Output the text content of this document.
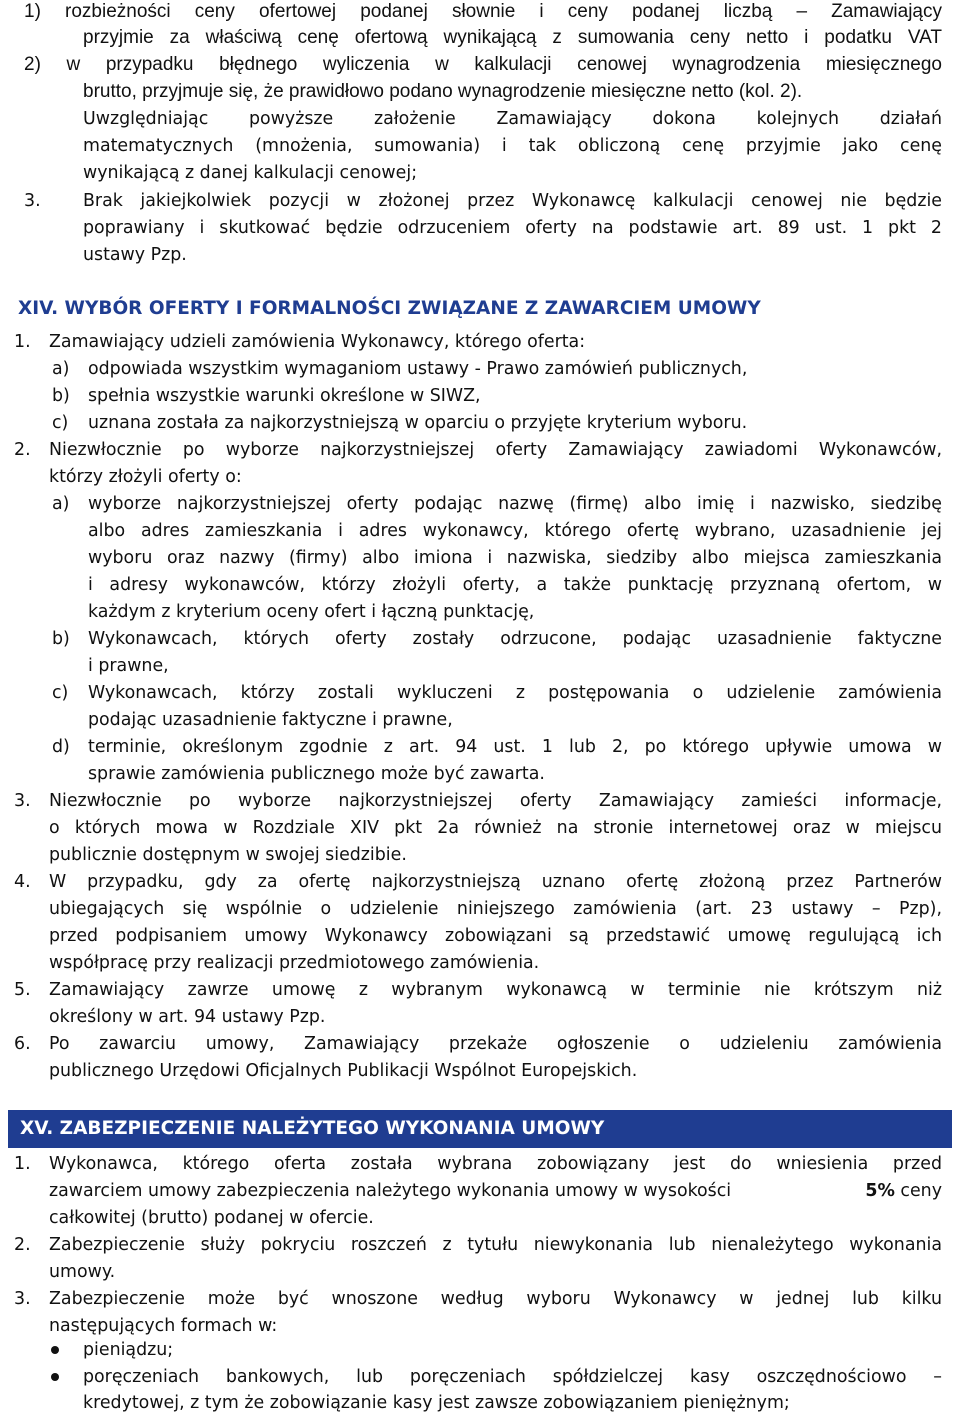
1) rozbieżności ceny ofertowej podanej słownie i ceny podanej liczbą – Zamawiający
przyjmie za właściwą cenę ofertową wynikającą z sumowania ceny netto i podatku VAT
2) w przypadku błędnego wyliczenia w kalkulacji cenowej wynagrodzenia miesięcznego
brutto, przyjmuje się, że prawidłowo podano wynagrodzenie miesięczne netto (kol. 2).
Uwzględniając powyższe założenie Zamawiający dokona kolejnych działań
matematycznych (mnożenia, sumowania) i tak obliczoną cenę przyjmie jako cenę
wynikającą z danej kalkulacji cenowej;
3. Brak jakiejkolwiek pozycji w złożonej przez Wykonawcę kalkulacji cenowej nie będzie
poprawiany i skutkować będzie odrzuceniem oferty na podstawie art. 89 ust. 1 pkt 2
ustawy Pzp.
XIV. WYBÓR OFERTY I FORMALNOŚCI ZWIĄZANE Z ZAWARCIEM UMOWY
1. Zamawiający udzieli zamówienia Wykonawcy, którego oferta:
a) odpowiada wszystkim wymaganiom ustawy - Prawo zamówień publicznych,
b) spełnia wszystkie warunki określone w SIWZ,
c) uznana została za najkorzystniejszą w oparciu o przyjęte kryterium wyboru.
2. Niezwłocznie po wyborze najkorzystniejszej oferty Zamawiający zawiadomi Wykonawców,
którzy złożyli oferty o:
a) wyborze najkorzystniejszej oferty podając nazwę (firmę) albo imię i nazwisko, siedzibę
albo adres zamieszkania i adres wykonawcy, którego ofertę wybrano, uzasadnienie jej
wyboru oraz nazwy (firmy) albo imiona i nazwiska, siedziby albo miejsca zamieszkania
i adresy wykonawców, którzy złożyli oferty, a także punktację przyznaną ofertom, w
każdym z kryterium oceny ofert i łączną punktację,
b) Wykonawcach, których oferty zostały odrzucone, podając uzasadnienie faktyczne
i prawne,
c) Wykonawcach, którzy zostali wykluczeni z postępowania o udzielenie zamówienia
podając uzasadnienie faktyczne i prawne,
d) terminie, określonym zgodnie z art. 94 ust. 1 lub 2, po którego upływie umowa w
sprawie zamówienia publicznego może być zawarta.
3. Niezwłocznie po wyborze najkorzystniejszej oferty Zamawiający zamieści informacje,
o których mowa w Rozdziale XIV pkt 2a również na stronie internetowej oraz w miejscu
publicznie dostępnym w swojej siedzibie.
4. W przypadku, gdy za ofertę najkorzystniejszą uznano ofertę złożoną przez Partnerów
ubiegających się wspólnie o udzielenie niniejszego zamówienia (art. 23 ustawy – Pzp),
przed podpisaniem umowy Wykonawcy zobowiązani są przedstawić umowę regulującą ich
współpracę przy realizacji przedmiotowego zamówienia.
5. Zamawiający zawrze umowę z wybranym wykonawcą w terminie nie krótszym niż
określony w art. 94 ustawy Pzp.
6. Po zawarciu umowy, Zamawiający przekaże ogłoszenie o udzieleniu zamówienia
publicznego Urzędowi Oficjalnych Publikacji Wspólnot Europejskich.
XV. ZABEZPIECZENIE NALEŻYTEGO WYKONANIA UMOWY
1. Wykonawca, którego oferta została wybrana zobowiązany jest do wniesienia przed
zawarciem umowy zabezpieczenia należytego wykonania umowy w wysokości	5% ceny
całkowitej (brutto) podanej w ofercie.
2. Zabezpieczenie służy pokryciu roszczeń z tytułu niewykonania lub nienależytego wykonania
umowy.
3. Zabezpieczenie może być wnoszone według wyboru Wykonawcy w jednej lub kilku
następujących formach w:
pieniądzu;
poręczeniach bankowych, lub poręczeniach spółdzielczej kasy oszczędnościowo –
kredytowej, z tym że zobowiązanie kasy jest zawsze zobowiązaniem pieniężnym;
